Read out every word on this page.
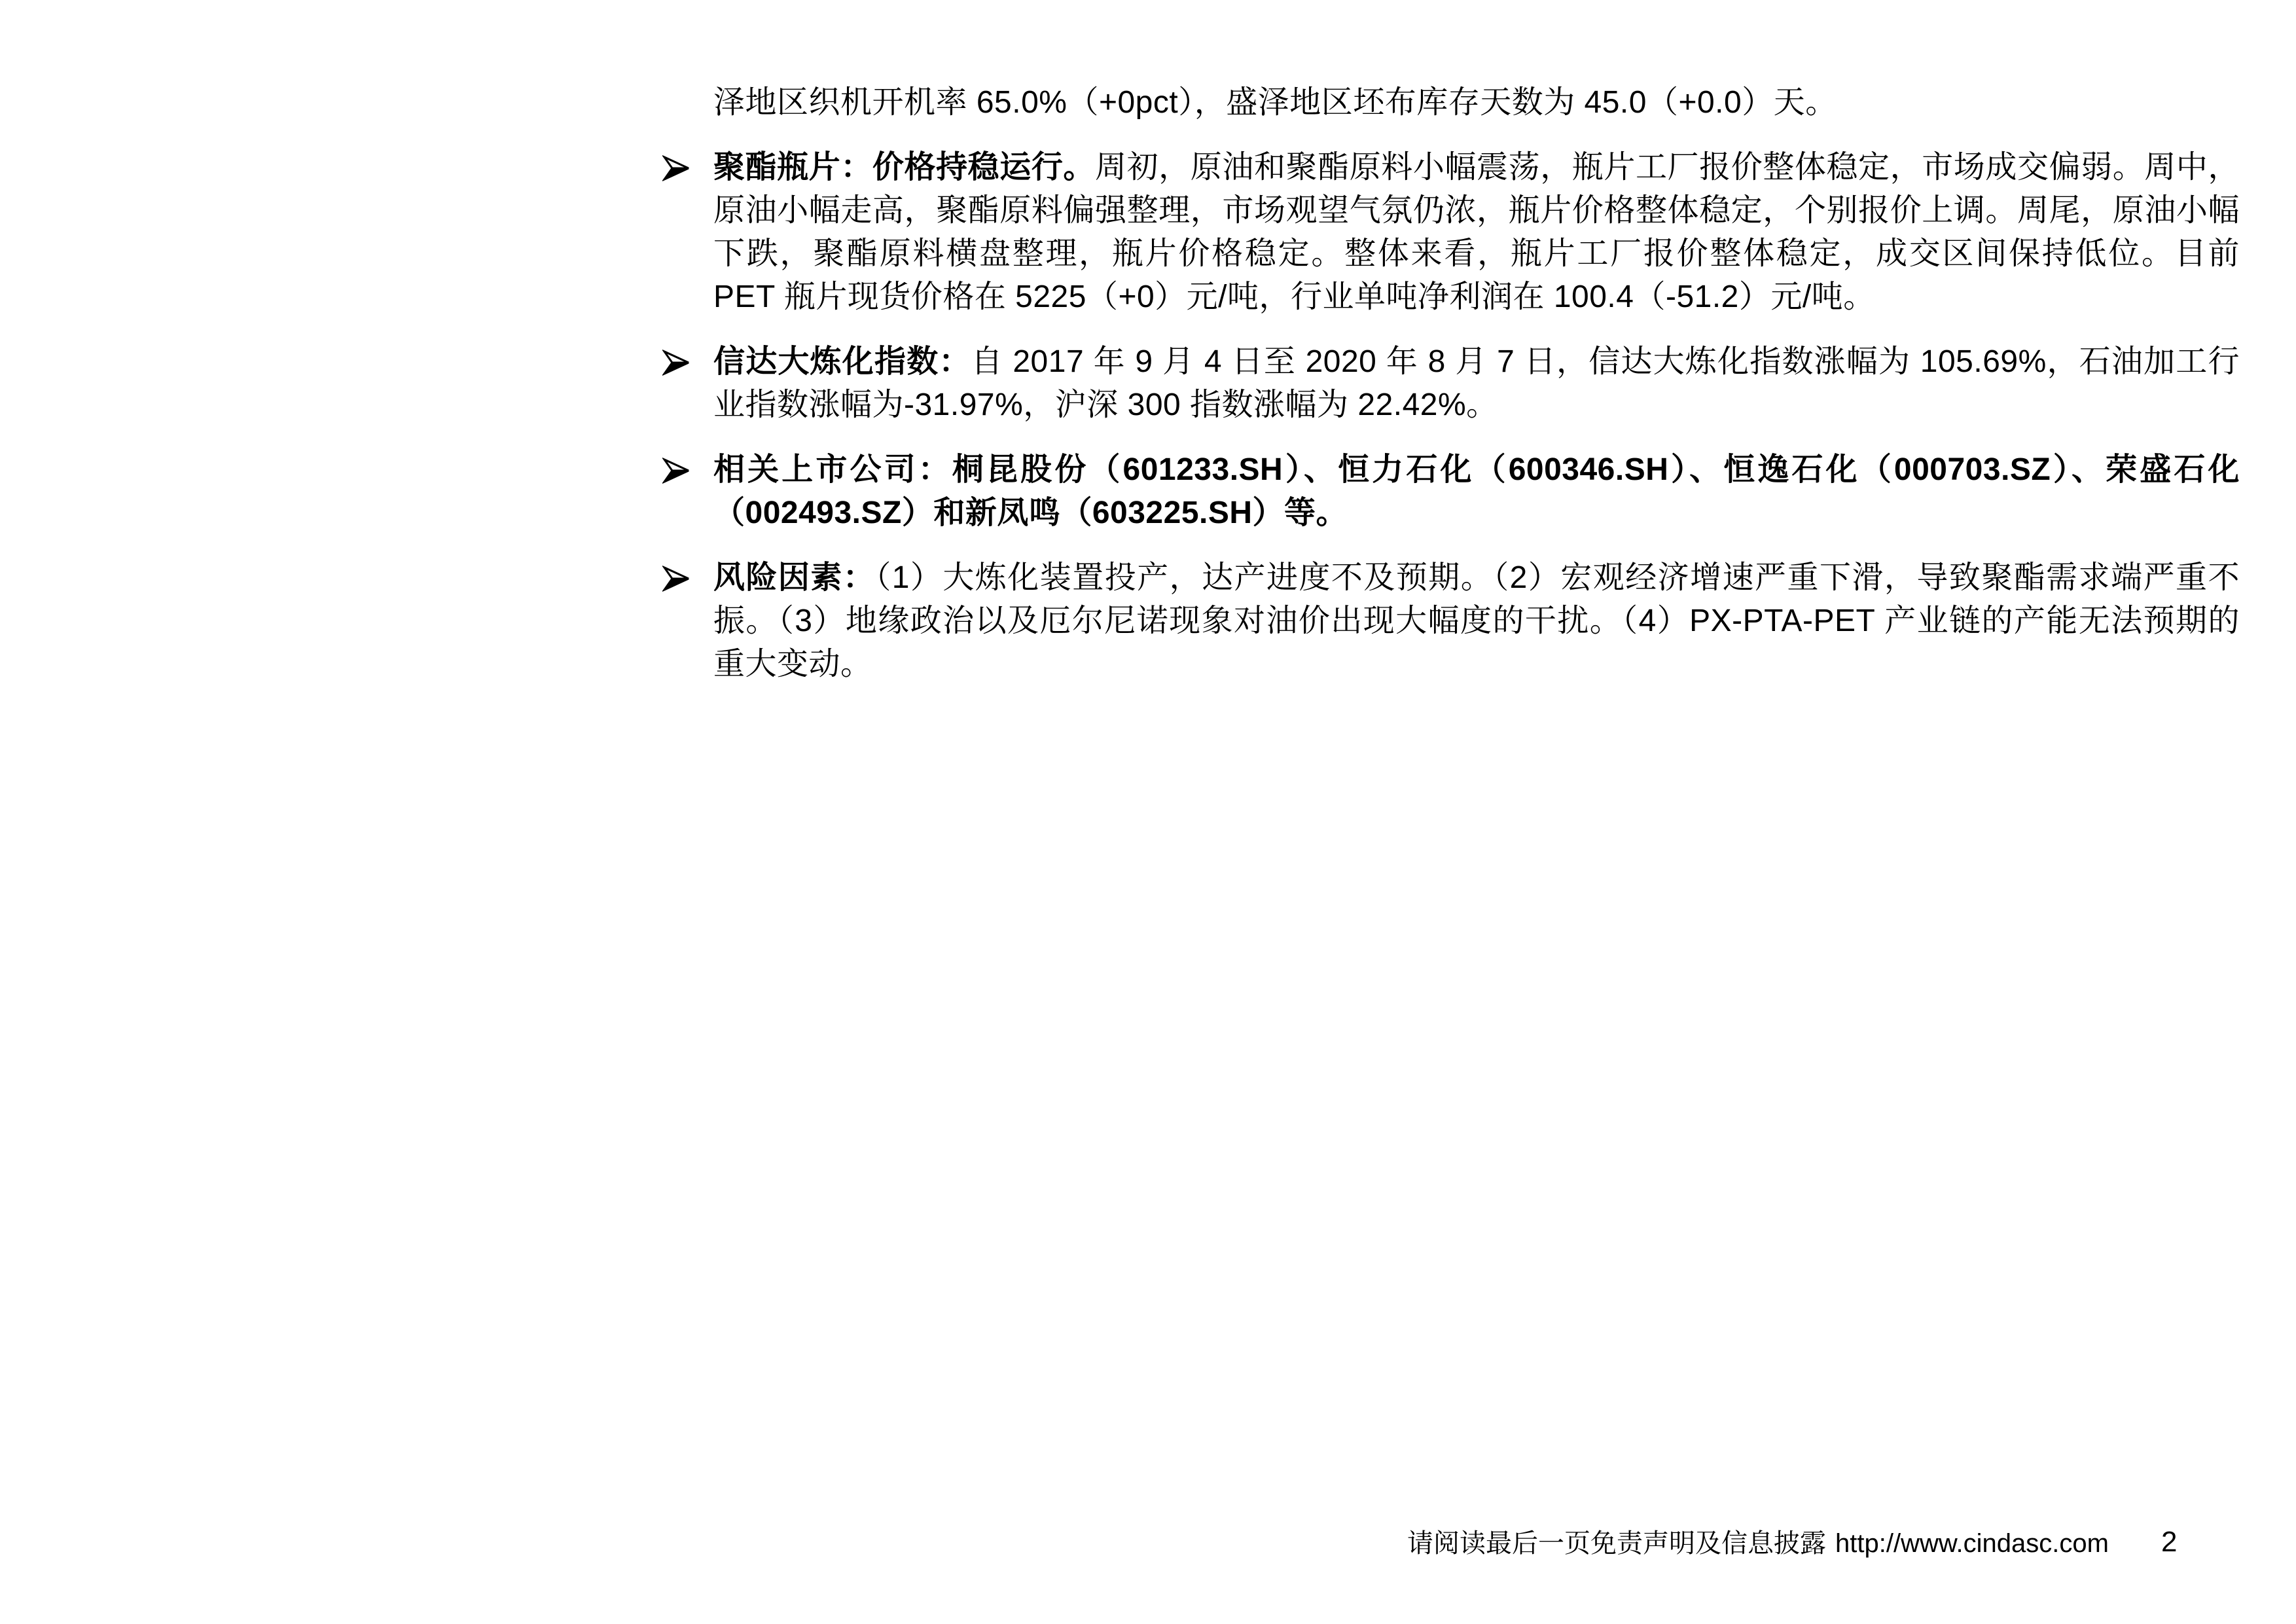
泽地区织机开机率 65.0%（+0pct），盛泽地区坯布库存天数为 45.0（+0.0）天。
聚酯瓶片：价格持稳运行。周初，原油和聚酯原料小幅震荡，瓶片工厂报价整体稳定，市场成交偏弱。周中，原油小幅走高，聚酯原料偏强整理，市场观望气氛仍浓，瓶片价格整体稳定，个别报价上调。周尾，原油小幅下跌，聚酯原料横盘整理，瓶片价格稳定。整体来看，瓶片工厂报价整体稳定，成交区间保持低位。目前 PET 瓶片现货价格在 5225（+0）元/吨，行业单吨净利润在 100.4（-51.2）元/吨。
信达大炼化指数：自 2017 年 9 月 4 日至 2020 年 8 月 7 日，信达大炼化指数涨幅为 105.69%，石油加工行业指数涨幅为-31.97%，沪深 300 指数涨幅为 22.42%。
相关上市公司：桐昆股份（601233.SH）、恒力石化（600346.SH）、恒逸石化（000703.SZ）、荣盛石化（002493.SZ）和新凤鸣（603225.SH）等。
风险因素：（1）大炼化装置投产，达产进度不及预期。（2）宏观经济增速严重下滑，导致聚酯需求端严重不振。（3）地缘政治以及厄尔尼诺现象对油价出现大幅度的干扰。（4）PX-PTA-PET 产业链的产能无法预期的重大变动。
请阅读最后一页免责声明及信息披露 http://www.cindasc.com 2
